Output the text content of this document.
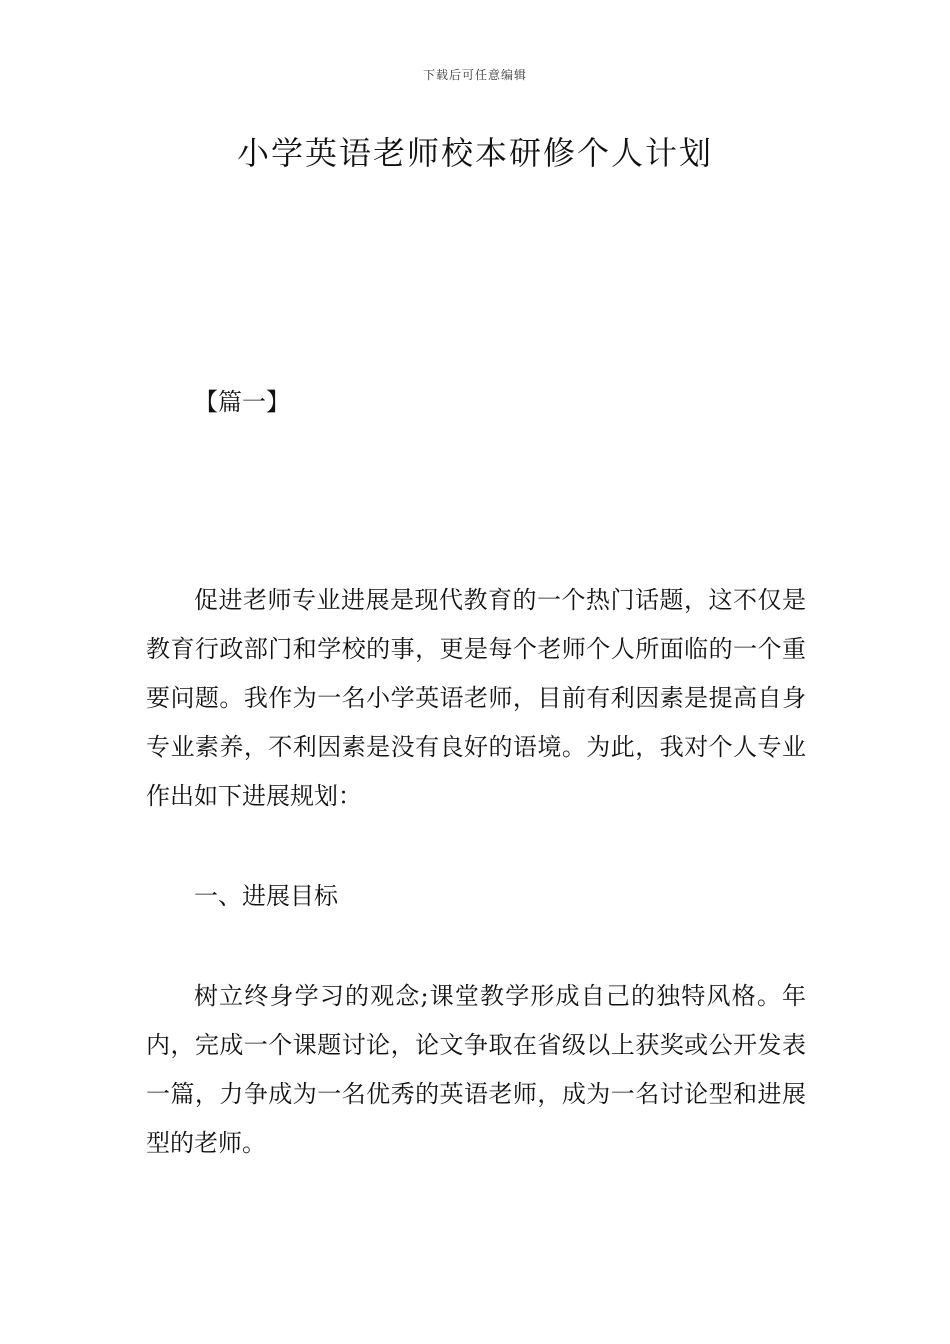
下载后可任意编辑
小学英语老师校本研修个人计划
【篇一】

促进老师专业进展是现代教育的一个热门话题，这不仅是教育行政部门和学校的事，更是每个老师个人所面临的一个重要问题。我作为一名小学英语老师，目前有利因素是提高自身专业素养，不利因素是没有良好的语境。为此，我对个人专业作出如下进展规划：

一、进展目标

树立终身学习的观念;课堂教学形成自己的独特风格。年内，完成一个课题讨论，论文争取在省级以上获奖或公开发表一篇，力争成为一名优秀的英语老师，成为一名讨论型和进展型的老师。
